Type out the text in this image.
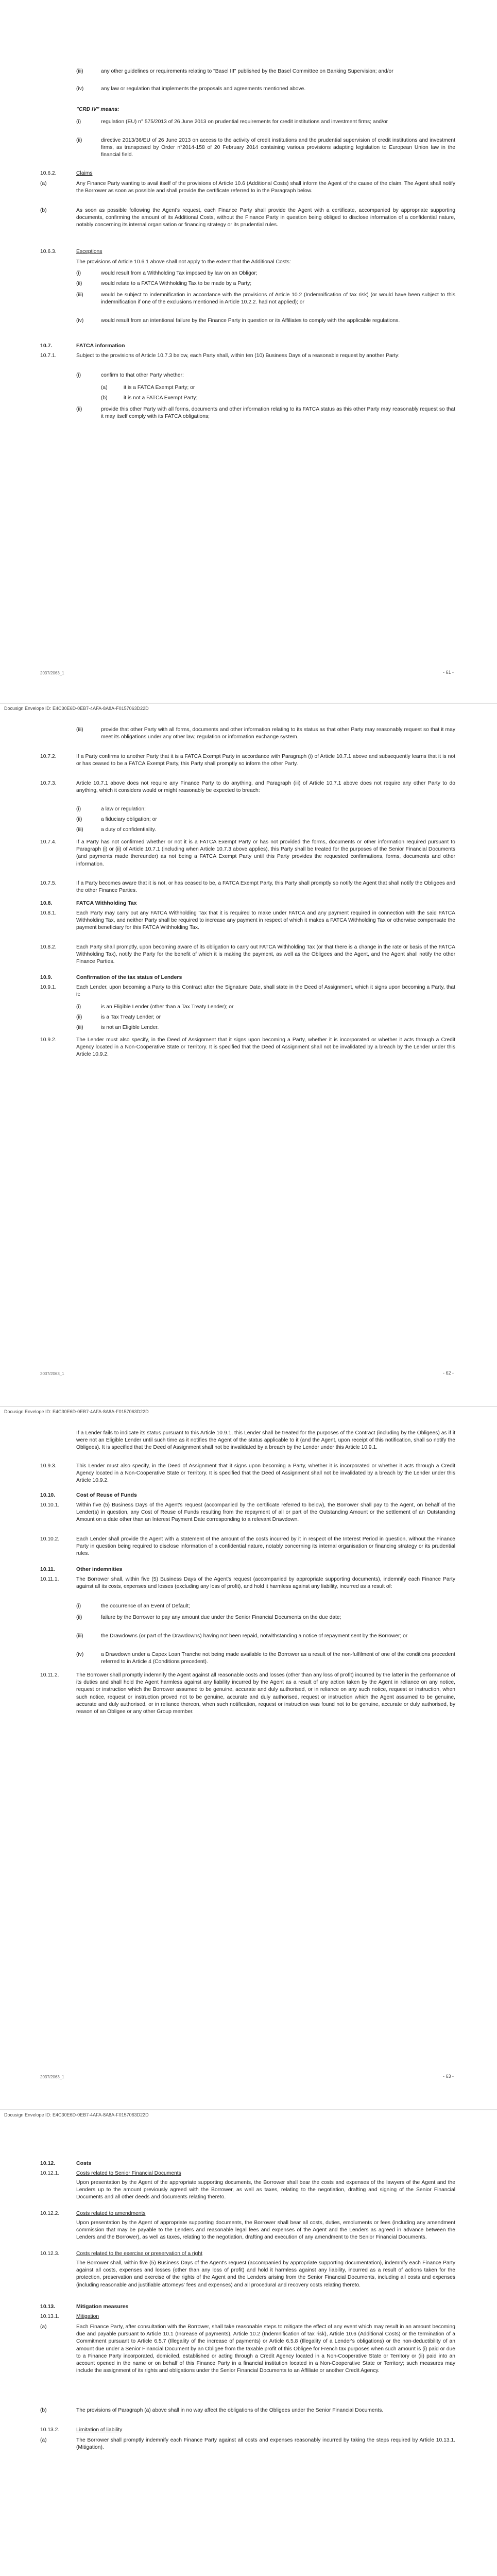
(iii)	any other guidelines or requirements relating to "Basel III" published by the Basel Committee on Banking Supervision; and/or
(iv)	any law or regulation that implements the proposals and agreements mentioned above.
"CRD IV" means:
(i)	regulation (EU) n° 575/2013 of 26 June 2013 on prudential requirements for credit institutions and investment firms; and/or
(ii)	directive 2013/36/EU of 26 June 2013 on access to the activity of credit institutions and the prudential supervision of credit institutions and investment firms, as transposed by Order n°2014-158 of 20 February 2014 containing various provisions adapting legislation to European Union law in the financial field.
10.6.2.	Claims
(a)	Any Finance Party wanting to avail itself of the provisions of Article 10.6 (Additional Costs) shall inform the Agent of the cause of the claim. The Agent shall notify the Borrower as soon as possible and shall provide the certificate referred to in the Paragraph below.
(b)	As soon as possible following the Agent's request, each Finance Party shall provide the Agent with a certificate, accompanied by appropriate supporting documents, confirming the amount of its Additional Costs, without the Finance Party in question being obliged to disclose information of a confidential nature, notably concerning its internal organisation or financing strategy or its prudential rules.
10.6.3.	Exceptions
The provisions of Article 10.6.1 above shall not apply to the extent that the Additional Costs:
(i)	would result from a Withholding Tax imposed by law on an Obligor;
(ii)	would relate to a FATCA Withholding Tax to be made by a Party;
(iii)	would be subject to indemnification in accordance with the provisions of Article 10.2 (Indemnification of tax risk) (or would have been subject to this indemnification if one of the exclusions mentioned in Article 10.2.2. had not applied); or
(iv)	would result from an intentional failure by the Finance Party in question or its Affiliates to comply with the applicable regulations.
10.7.	FATCA information
10.7.1.	Subject to the provisions of Article 10.7.3 below, each Party shall, within ten (10) Business Days of a reasonable request by another Party:
(i)	confirm to that other Party whether:
(a)	it is a FATCA Exempt Party; or
(b)	it is not a FATCA Exempt Party;
(ii)	provide this other Party with all forms, documents and other information relating to its FATCA status as this other Party may reasonably request so that it may itself comply with its FATCA obligations;
2037/2063_1	- 61 -
Docusign Envelope ID: E4C30E6D-0EB7-4AFA-8A8A-F0157063D22D
(iii)	provide that other Party with all forms, documents and other information relating to its status as that other Party may reasonably request so that it may meet its obligations under any other law, regulation or information exchange system.
10.7.2.	If a Party confirms to another Party that it is a FATCA Exempt Party in accordance with Paragraph (i) of Article 10.7.1 above and subsequently learns that it is not or has ceased to be a FATCA Exempt Party, this Party shall promptly so inform the other Party.
10.7.3.	Article 10.7.1 above does not require any Finance Party to do anything, and Paragraph (iii) of Article 10.7.1 above does not require any other Party to do anything, which it considers would or might reasonably be expected to breach:
(i)	a law or regulation;
(ii)	a fiduciary obligation; or
(iii)	a duty of confidentiality.
10.7.4.	If a Party has not confirmed whether or not it is a FATCA Exempt Party or has not provided the forms, documents or other information required pursuant to Paragraph (i) or (ii) of Article 10.7.1 (including when Article 10.7.3 above applies), this Party shall be treated for the purposes of the Senior Financial Documents (and payments made thereunder) as not being a FATCA Exempt Party until this Party provides the requested confirmations, forms, documents and other information.
10.7.5.	If a Party becomes aware that it is not, or has ceased to be, a FATCA Exempt Party, this Party shall promptly so notify the Agent that shall notify the Obligees and the other Finance Parties.
10.8.	FATCA Withholding Tax
10.8.1.	Each Party may carry out any FATCA Withholding Tax that it is required to make under FATCA and any payment required in connection with the said FATCA Withholding Tax, and neither Party shall be required to increase any payment in respect of which it makes a FATCA Withholding Tax or otherwise compensate the payment beneficiary for this FATCA Withholding Tax.
10.8.2.	Each Party shall promptly, upon becoming aware of its obligation to carry out FATCA Withholding Tax (or that there is a change in the rate or basis of the FATCA Withholding Tax), notify the Party for the benefit of which it is making the payment, as well as the Obligees and the Agent, and the Agent shall notify the other Finance Parties.
10.9.	Confirmation of the tax status of Lenders
10.9.1.	Each Lender, upon becoming a Party to this Contract after the Signature Date, shall state in the Deed of Assignment, which it signs upon becoming a Party, that it:
(i)	is an Eligible Lender (other than a Tax Treaty Lender); or
(ii)	is a Tax Treaty Lender; or
(iii)	is not an Eligible Lender.
10.9.2.	The Lender must also specify, in the Deed of Assignment that it signs upon becoming a Party, whether it is incorporated or whether it acts through a Credit Agency located in a Non-Cooperative State or Territory. It is specified that the Deed of Assignment shall not be invalidated by a breach by the Lender under this Article 10.9.2.
2037/2063_1	- 62 -
Docusign Envelope ID: E4C30E6D-0EB7-4AFA-8A8A-F0157063D22D
If a Lender fails to indicate its status pursuant to this Article 10.9.1, this Lender shall be treated for the purposes of the Contract (including by the Obligees) as if it were not an Eligible Lender until such time as it notifies the Agent of the status applicable to it (and the Agent, upon receipt of this notification, shall so notify the Obligees). It is specified that the Deed of Assignment shall not be invalidated by a breach by the Lender under this Article 10.9.1.
10.9.3.	This Lender must also specify, in the Deed of Assignment that it signs upon becoming a Party, whether it is incorporated or whether it acts through a Credit Agency located in a Non-Cooperative State or Territory. It is specified that the Deed of Assignment shall not be invalidated by a breach by the Lender under this Article 10.9.2.
10.10.	Cost of Reuse of Funds
10.10.1.	Within five (5) Business Days of the Agent's request (accompanied by the certificate referred to below), the Borrower shall pay to the Agent, on behalf of the Lender(s) in question, any Cost of Reuse of Funds resulting from the repayment of all or part of the Outstanding Amount or the settlement of an Outstanding Amount on a date other than an Interest Payment Date corresponding to a relevant Drawdown.
10.10.2.	Each Lender shall provide the Agent with a statement of the amount of the costs incurred by it in respect of the Interest Period in question, without the Finance Party in question being required to disclose information of a confidential nature, notably concerning its internal organisation or financing strategy or its prudential rules.
10.11.	Other indemnities
10.11.1.	The Borrower shall, within five (5) Business Days of the Agent's request (accompanied by appropriate supporting documents), indemnify each Finance Party against all its costs, expenses and losses (excluding any loss of profit), and hold it harmless against any liability, incurred as a result of:
(i)	the occurrence of an Event of Default;
(ii)	failure by the Borrower to pay any amount due under the Senior Financial Documents on the due date;
(iii)	the Drawdowns (or part of the Drawdowns) having not been repaid, notwithstanding a notice of repayment sent by the Borrower; or
(iv)	a Drawdown under a Capex Loan Tranche not being made available to the Borrower as a result of the non-fulfilment of one of the conditions precedent referred to in Article 4 (Conditions precedent).
10.11.2.	The Borrower shall promptly indemnify the Agent against all reasonable costs and losses (other than any loss of profit) incurred by the latter in the performance of its duties and shall hold the Agent harmless against any liability incurred by the Agent as a result of any action taken by the Agent in reliance on any notice, request or instruction which the Borrower assumed to be genuine, accurate and duly authorised, or in reliance on any such notice, request or instruction, when such notice, request or instruction proved not to be genuine, accurate and duly authorised, request or instruction which the Agent assumed to be genuine, accurate and duly authorised, or in reliance thereon, when such notification, request or instruction was found not to be genuine, accurate or duly authorised, by reason of an Obligee or any other Group member.
2037/2063_1	- 63 -
Docusign Envelope ID: E4C30E6D-0EB7-4AFA-8A8A-F0157063D22D
10.12.	Costs
10.12.1.	Costs related to Senior Financial Documents
Upon presentation by the Agent of the appropriate supporting documents, the Borrower shall bear the costs and expenses of the lawyers of the Agent and the Lenders up to the amount previously agreed with the Borrower, as well as taxes, relating to the negotiation, drafting and signing of the Senior Financial Documents and all other deeds and documents relating thereto.
10.12.2.	Costs related to amendments
Upon presentation by the Agent of appropriate supporting documents, the Borrower shall bear all costs, duties, emoluments or fees (including any amendment commission that may be payable to the Lenders and reasonable legal fees and expenses of the Agent and the Lenders as agreed in advance between the Lenders and the Borrower), as well as taxes, relating to the negotiation, drafting and execution of any amendment to the Senior Financial Documents.
10.12.3.	Costs related to the exercise or preservation of a right
The Borrower shall, within five (5) Business Days of the Agent's request (accompanied by appropriate supporting documentation), indemnify each Finance Party against all costs, expenses and losses (other than any loss of profit) and hold it harmless against any liability, incurred as a result of actions taken for the protection, preservation and exercise of the rights of the Agent and the Lenders arising from the Senior Financial Documents, including all costs and expenses (including reasonable and justifiable attorneys' fees and expenses) and all procedural and recovery costs relating thereto.
10.13.	Mitigation measures
10.13.1.	Mitigation
(a)	Each Finance Party, after consultation with the Borrower, shall take reasonable steps to mitigate the effect of any event which may result in an amount becoming due and payable pursuant to Article 10.1 (Increase of payments), Article 10.2 (Indemnification of tax risk), Article 10.6 (Additional Costs) or the termination of a Commitment pursuant to Article 6.5.7 (Illegality of the increase of payments) or Article 6.5.8 (Illegality of a Lender's obligations) or the non-deductibility of an amount due under a Senior Financial Document by an Obligee from the taxable profit of this Obligee for French tax purposes when such amount is (i) paid or due to a Finance Party incorporated, domiciled, established or acting through a Credit Agency located in a Non-Cooperative State or Territory or (ii) paid into an account opened in the name or on behalf of this Finance Party in a financial institution located in a Non-Cooperative State or Territory; such measures may include the assignment of its rights and obligations under the Senior Financial Documents to an Affiliate or another Credit Agency.
(b)	The provisions of Paragraph (a) above shall in no way affect the obligations of the Obligees under the Senior Financial Documents.
10.13.2.	Limitation of liability
(a)	The Borrower shall promptly indemnify each Finance Party against all costs and expenses reasonably incurred by taking the steps required by Article 10.13.1. (Mitigation).
